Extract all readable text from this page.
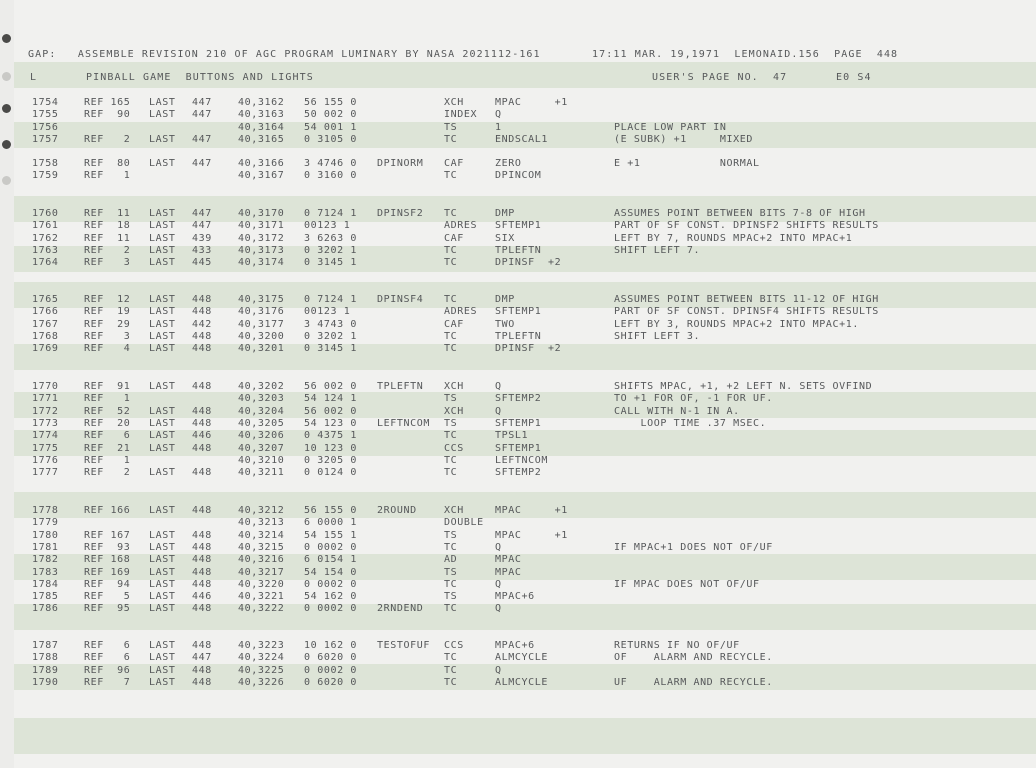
GAP:   ASSEMBLE REVISION 210 OF AGC PROGRAM LUMINARY BY NASA 2021112-161	17:11 MAR. 19,1971  LEMONAID.156  PAGE  448
L	PINBALL GAME  BUTTONS AND LIGHTS	USER'S PAGE NO.  47	E0 S4
1754	REF 165 LAST 447	40,3162 56 155 0	XCH	MPAC     +1
1755	REF  90 LAST 447	40,3163 50 002 0	INDEX Q
1756	40,3164 54 001 1	TS	1	PLACE LOW PART IN
1757	REF   2 LAST 447	40,3165 0 3105 0	TC	ENDSCAL1	(E SUBK) +1     MIXED
1758	REF  80 LAST 447	40,3166 3 4746 0 DPINORM CAF	ZERO	E +1            NORMAL
1759	REF   1	40,3167 0 3160 0	TC	DPINCOM
1760	REF  11 LAST 447	40,3170 0 7124 1 DPINSF2 TC	DMP	ASSUMES POINT BETWEEN BITS 7-8 OF HIGH
1761	REF  18 LAST 447	40,3171 00123 1	ADRES SFTEMP1	PART OF SF CONST. DPINSF2 SHIFTS RESULTS
1762	REF  11 LAST 439	40,3172 3 6263 0	CAF	SIX	LEFT BY 7, ROUNDS MPAC+2 INTO MPAC+1
1763	REF   2 LAST 433	40,3173 0 3202 1	TC	TPLEFTN	SHIFT LEFT 7.
1764	REF   3 LAST 445	40,3174 0 3145 1	TC	DPINSF  +2
1765	REF  12 LAST 448	40,3175 0 7124 1 DPINSF4 TC	DMP	ASSUMES POINT BETWEEN BITS 11-12 OF HIGH
1766	REF  19 LAST 448	40,3176 00123 1	ADRES SFTEMP1	PART OF SF CONST. DPINSF4 SHIFTS RESULTS
1767	REF  29 LAST 442	40,3177 3 4743 0	CAF	TWO	LEFT BY 3, ROUNDS MPAC+2 INTO MPAC+1.
1768	REF   3 LAST 448	40,3200 0 3202 1	TC	TPLEFTN	SHIFT LEFT 3.
1769	REF   4 LAST 448	40,3201 0 3145 1	TC	DPINSF  +2
1770	REF  91 LAST 448	40,3202 56 002 0 TPLEFTN XCH	Q	SHIFTS MPAC, +1, +2 LEFT N. SETS OVFIND
1771	REF   1	40,3203 54 124 1	TS	SFTEMP2	TO +1 FOR OF, -1 FOR UF.
1772	REF  52 LAST 448	40,3204 56 002 0	XCH	Q	CALL WITH N-1 IN A.
1773	REF  20 LAST 448	40,3205 54 123 0 LEFTNCOM TS	SFTEMP1	LOOP TIME .37 MSEC.
1774	REF   6 LAST 446	40,3206 0 4375 1	TC	TPSL1
1775	REF  21 LAST 448	40,3207 10 123 0	CCS	SFTEMP1
1776	REF   1	40,3210 0 3205 0	TC	LEFTNCOM
1777	REF   2 LAST 448	40,3211 0 0124 0	TC	SFTEMP2
1778	REF 166 LAST 448	40,3212 56 155 0 2ROUND	XCH	MPAC     +1
1779	40,3213 6 0000 1	DOUBLE
1780	REF 167 LAST 448	40,3214 54 155 1	TS	MPAC     +1
1781	REF  93 LAST 448	40,3215 0 0002 0	TC	Q	IF MPAC+1 DOES NOT OF/UF
1782	REF 168 LAST 448	40,3216 6 0154 1	AD	MPAC
1783	REF 169 LAST 448	40,3217 54 154 0	TS	MPAC
1784	REF  94 LAST 448	40,3220 0 0002 0	TC	Q	IF MPAC DOES NOT OF/UF
1785	REF   5 LAST 446	40,3221 54 162 0	TS	MPAC+6
1786	REF  95 LAST 448	40,3222 0 0002 0 2RNDEND TC	Q
1787	REF   6 LAST 448	40,3223 10 162 0 TESTOFUF CCS	MPAC+6	RETURNS IF NO OF/UF
1788	REF   6 LAST 447	40,3224 0 6020 0	TC	ALMCYCLE	OF    ALARM AND RECYCLE.
1789	REF  96 LAST 448	40,3225 0 0002 0	TC	Q
1790	REF   7 LAST 448	40,3226 0 6020 0	TC	ALMCYCLE	UF    ALARM AND RECYCLE.
